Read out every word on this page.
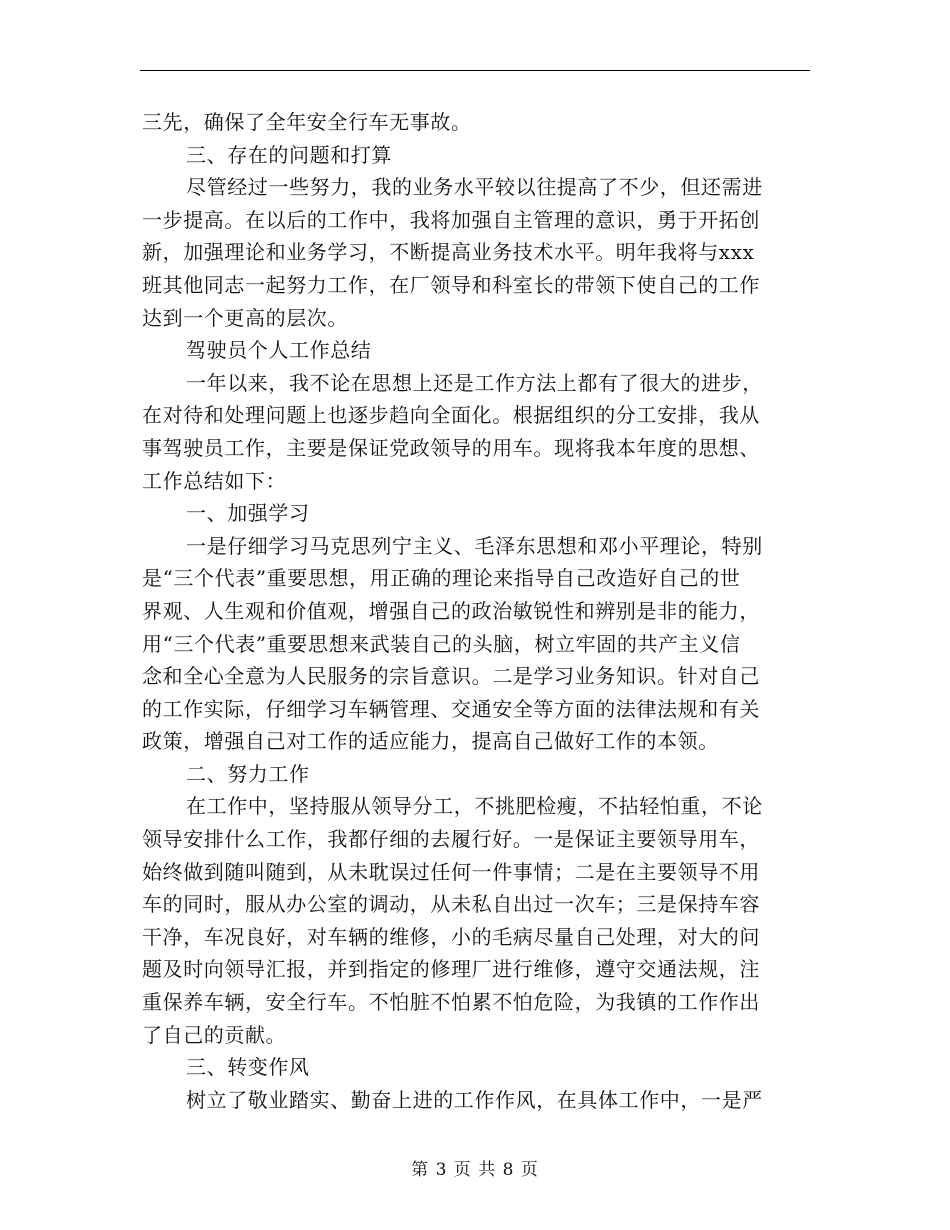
三先，确保了全年安全行车无事故。
三、存在的问题和打算
尽管经过一些努力，我的业务水平较以往提高了不少，但还需进
一步提高。在以后的工作中，我将加强自主管理的意识，勇于开拓创
新，加强理论和业务学习，不断提高业务技术水平。明年我将与xxx
班其他同志一起努力工作，在厂领导和科室长的带领下使自己的工作
达到一个更高的层次。
驾驶员个人工作总结
一年以来，我不论在思想上还是工作方法上都有了很大的进步，
在对待和处理问题上也逐步趋向全面化。根据组织的分工安排，我从
事驾驶员工作，主要是保证党政领导的用车。现将我本年度的思想、
工作总结如下：
一、加强学习
一是仔细学习马克思列宁主义、毛泽东思想和邓小平理论，特别
是“三个代表”重要思想，用正确的理论来指导自己改造好自己的世
界观、人生观和价值观，增强自己的政治敏锐性和辨别是非的能力，
用“三个代表”重要思想来武装自己的头脑，树立牢固的共产主义信
念和全心全意为人民服务的宗旨意识。二是学习业务知识。针对自己
的工作实际，仔细学习车辆管理、交通安全等方面的法律法规和有关
政策，增强自己对工作的适应能力，提高自己做好工作的本领。
二、努力工作
在工作中，坚持服从领导分工，不挑肥检瘦，不拈轻怕重，不论
领导安排什么工作，我都仔细的去履行好。一是保证主要领导用车，
始终做到随叫随到，从未耽误过任何一件事情；二是在主要领导不用
车的同时，服从办公室的调动，从未私自出过一次车；三是保持车容
干净，车况良好，对车辆的维修，小的毛病尽量自己处理，对大的问
题及时向领导汇报，并到指定的修理厂进行维修，遵守交通法规，注
重保养车辆，安全行车。不怕脏不怕累不怕危险，为我镇的工作作出
了自己的贡献。
三、转变作风
树立了敬业踏实、勤奋上进的工作作风，在具体工作中，一是严
第 3 页 共 8 页
